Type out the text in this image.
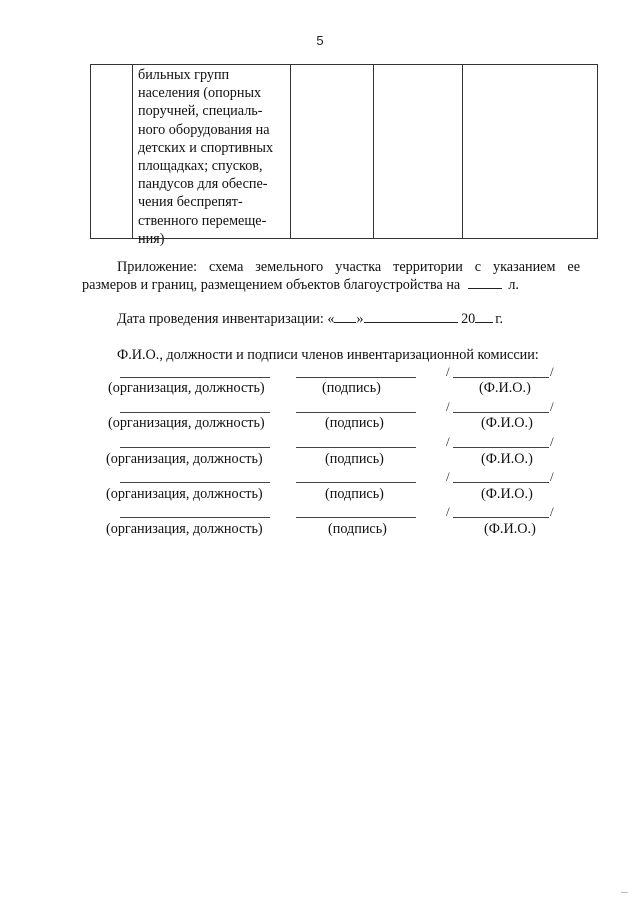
5
бильных групп
населения (опорных
поручней, специаль-
ного оборудования на
детских и спортивных
площадках; спусков,
пандусов для обеспе-
чения беспрепят-
ственного перемеще-
ния)
Приложение: схема земельного участка территории с указанием ее
размеров и границ, размещением объектов благоустройства на	л.
Дата проведения инвентаризации: « »	20 г.
Ф.И.О., должности и подписи членов инвентаризационной комиссии:
/	/
(организация, должность)	(подпись)	(Ф.И.О.)
/	/
(организация, должность)	(подпись)	(Ф.И.О.)
/	/
(организация, должность)	(подпись)	(Ф.И.О.)
/	/
(организация, должность)	(подпись)	(Ф.И.О.)
/	/
(организация, должность)	(подпись)	(Ф.И.О.)
